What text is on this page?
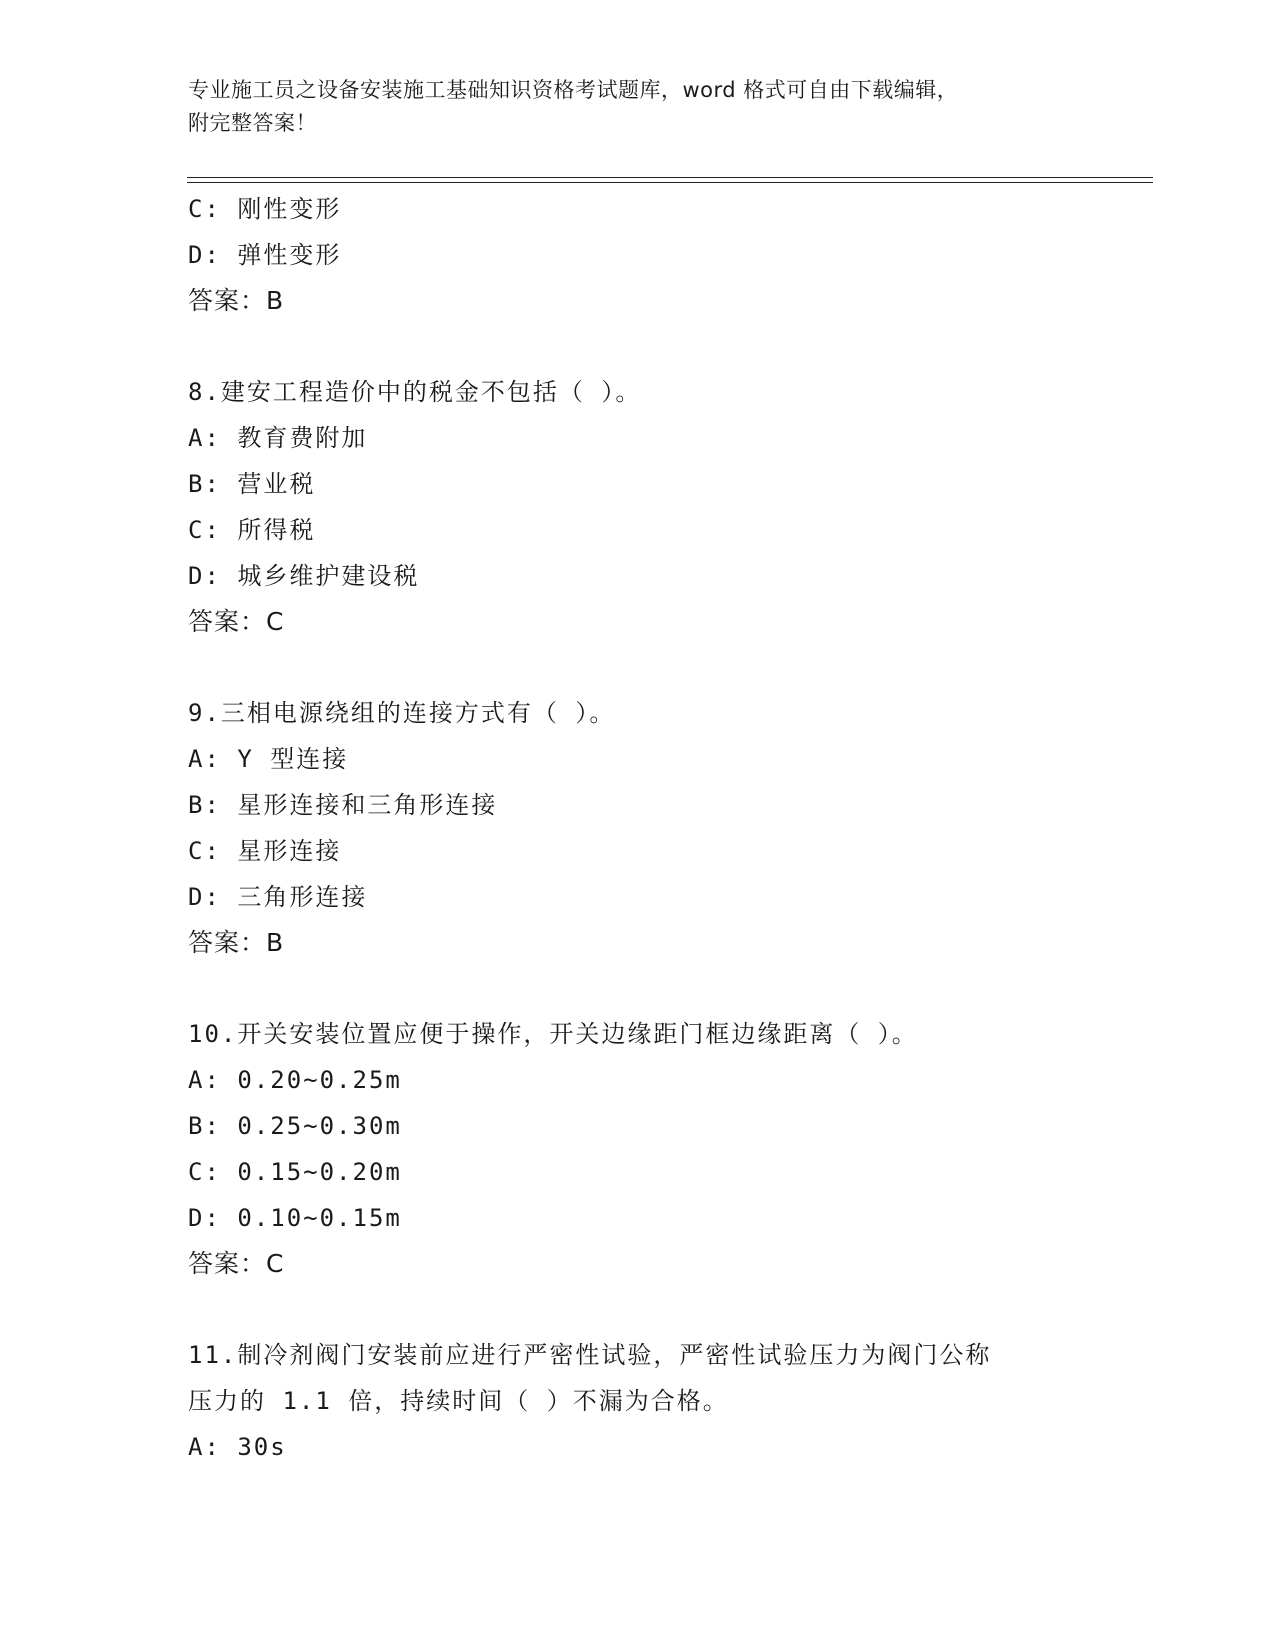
专业施工员之设备安装施工基础知识资格考试题库，word 格式可自由下载编辑，
附完整答案！
C: 刚性变形
D: 弹性变形
答案：B
8.建安工程造价中的税金不包括（ ）。
A: 教育费附加
B: 营业税
C: 所得税
D: 城乡维护建设税
答案：C
9.三相电源绕组的连接方式有（ ）。
A: Y 型连接
B: 星形连接和三角形连接
C: 星形连接
D: 三角形连接
答案：B
10.开关安装位置应便于操作，开关边缘距门框边缘距离（ ）。
A: 0.20~0.25m
B: 0.25~0.30m
C: 0.15~0.20m
D: 0.10~0.15m
答案：C
11.制冷剂阀门安装前应进行严密性试验，严密性试验压力为阀门公称
压力的 1.1 倍，持续时间（ ）不漏为合格。
A: 30s
